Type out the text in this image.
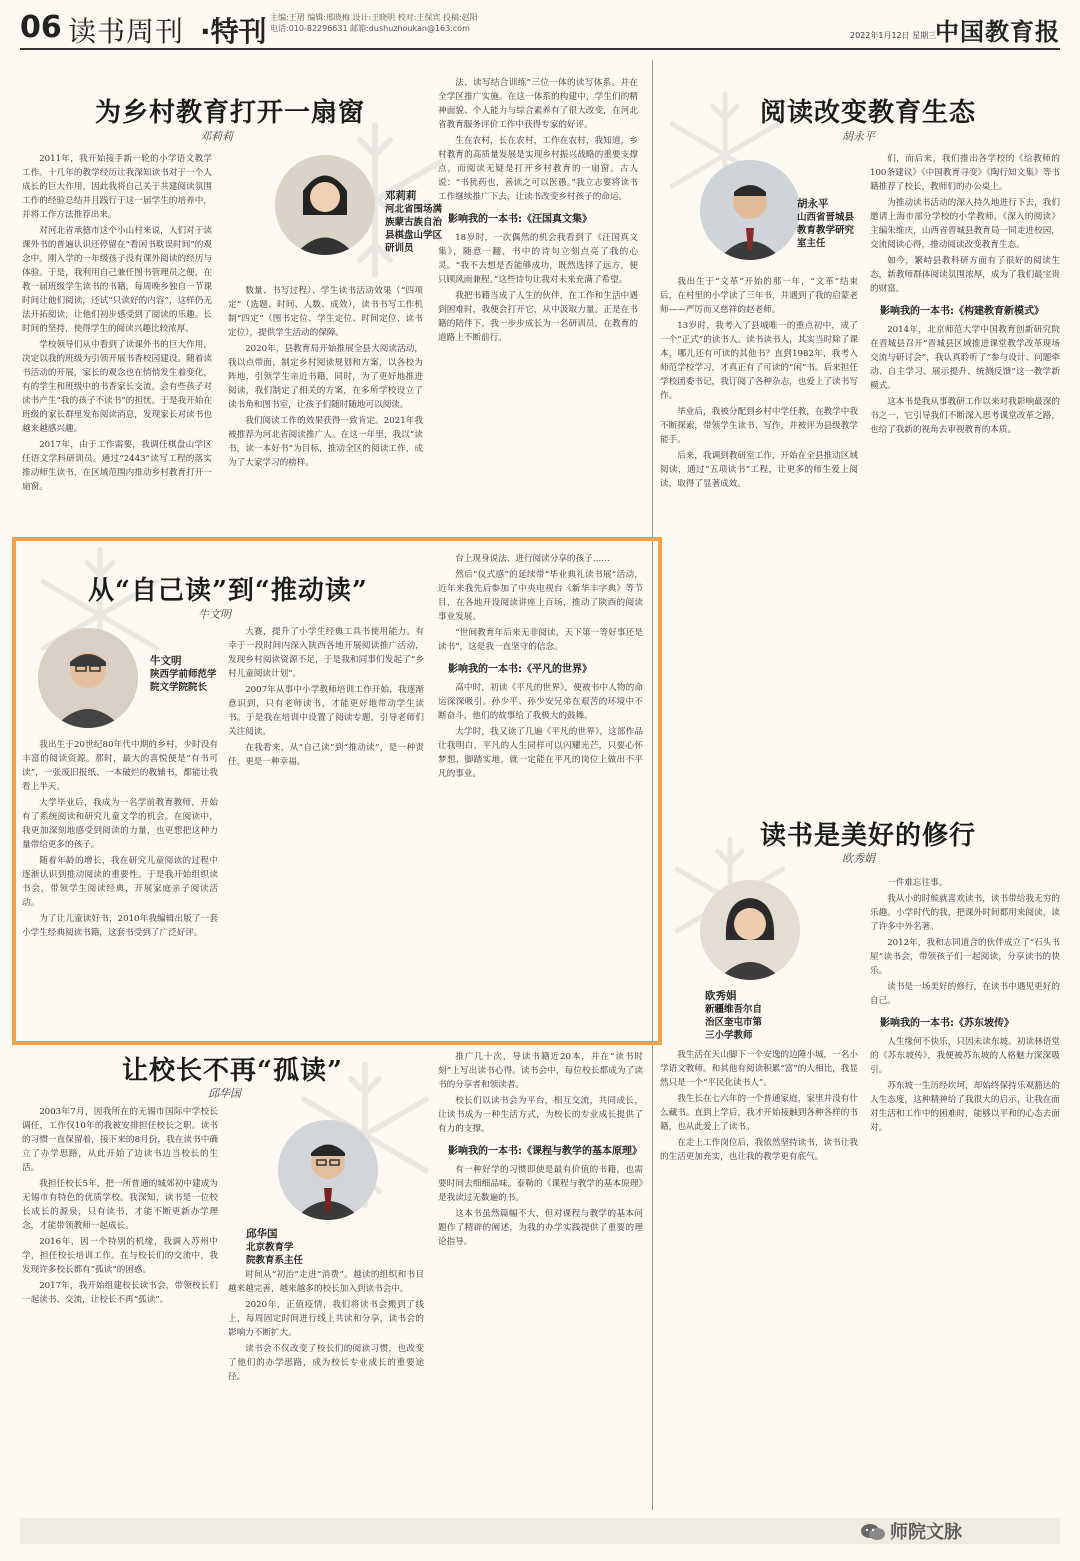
06 读书周刊 ·特刊 主编:王珺 编辑:邢晓梅 设计:王晓明 校对:王保宾 投稿:赵阳
电话:010-82296631 邮箱:dushuzhoukan@163.com
2022年1月12日 星期三
中国教育报
为乡村教育打开一扇窗
邓莉莉
邓莉莉
河北省围场满
族蒙古族自治
县棋盘山学区
研训员

2011年，我开始接手新一轮的小学语文教学工作。十几年的教学经历让我深知读书对于一个人成长的巨大作用，因此我将自己关于共建阅读氛围工作的经验总结并且践行于这一届学生的培养中，并将工作方法推荐出来。

对河北省承德市这个小山村来说，人们对于读课外书的普遍认识还停留在“看闲书耽误时间”的观念中。刚入学的一年级孩子没有课外阅读的经历与体验。于是，我利用自己兼任图书管理员之便，在教一届班级学生读书的书籍，每周晚乡独自一节课时间让他们阅读，还试“只读好的内容”，这样仍无法开拓阅读，让他们初步感受到了阅读的乐趣。长时间的坚持，使得学生的阅读兴趣比较浓厚。

学校领导们从中看到了读课外书的巨大作用，决定以我的班级为引领开展书香校园建设。随着读书活动的开展，家长的观念也在悄悄发生着变化，有的学生和班级中的书香家长交流。会有些孩子对读书产生“我的孩子不读书”的担忧。于是我开始在班级的家长群里发布阅读消息，发现家长对读书也越来越感兴趣。

2017年，由于工作需要，我调任棋盘山学区任语文学科研训员。通过“2443”读写工程的落实推动师生读书，在区域范围内推动乡村教育打开一扇窗。

数量、书写过程）、学生读书活动效果（“四项定”（选题、时间、人数、成效），读书书写工作机制“四定”（图书定位、学生定位、时间定位、读书定位），提供学生活动的保障。

2020年，县教育局开始推展全县大阅读活动，我以点带面，制定乡村阅读规划和方案，以各校为阵地，引领学生亲近书籍，同时，为了更好地推进阅读，我们制定了相关的方案，在多所学校设立了读书角和图书室，让孩子们随时随地可以阅读。

我们阅读工作的效果获得一致肯定。2021年我被推荐为河北省阅读推广人。在这一年里，我以“读书，读一本好书”为目标，推动全区的阅读工作，成为了大家学习的榜样。

法、读写结合训练”三位一体的读写体系。并在全学区推广实施。在这一体系的构建中，学生们的精神面貌、个人能力与综合素养有了很大改变，在河北省教育服务评价工作中获得专家的好评。

生在农村，长在农村，工作在农村，我知道，乡村教育的高质量发展是实现乡村振兴战略的重要支撑点，而阅读无疑是打开乡村教育的一扇窗。古人说：“书犹药也，善读之可以医愚。”我立志要将读书工作继续推广下去，让读书改变乡村孩子的命运。

影响我的一本书:《汪国真文集》

18岁时，一次偶然的机会我看到了《汪国真文集》，随意一翻，书中的诗句立刻点亮了我的心灵。“我不去想是否能够成功，既然选择了远方，便只顾风雨兼程。”这些诗句让我对未来充满了希望。

我把书籍当成了人生的伙伴，在工作和生活中遇到困难时，我便会打开它，从中汲取力量。正是在书籍的陪伴下，我一步步成长为一名研训员，在教育的道路上不断前行。

阅读改变教育生态
胡永平
胡永平
山西省晋城县
教育教学研究
室主任

我出生于“文革”开始的那一年，“文革”结束后，在村里的小学读了三年书，并遇到了我的启蒙老师——严厉而又慈祥的赵老师。

13岁时，我考入了县城唯一的重点初中，成了一个“正式”的读书人。读书读书人，其实当时除了课本，哪儿还有可读的其他书？直到1982年，我考入师范学校学习，才真正有了可读的“闲”书。后来担任学校团委书记，我订阅了各种杂志，也爱上了读书写作。

毕业后，我被分配到乡村中学任教，在教学中我不断探索，带领学生读书、写作，并被评为县级教学能手。

后来，我调到教研室工作，开始在全县推动区域阅读，通过“五项读书”工程，让更多的师生爱上阅读，取得了显著成效。

们，而后来，我们推出各学校的《给教师的100条建议》《中国教育寻变》《陶行知文集》等书籍推荐了校长，教师们的办公桌上。

为推动读书活动的深入持久地进行下去，我们邀请上海市部分学校的小学教师，《深入的阅读》主编朱维庆，山西省晋城县教育局一同走进校园，交流阅读心得，推动阅读改变教育生态。

如今，繁峙县教科研方面有了很好的阅读生态，新教师群体阅读氛围浓厚，成为了我们最宝贵的财富。

影响我的一本书:《构建教育新模式》

2014年，北京师范大学中国教育创新研究院在晋城县召开“晋城县区域推进课堂教学改革现场交流与研讨会”，我认真聆听了“参与设计、问题牵动、自主学习、展示提升、统测反馈”这一教学新模式。

这本书是我从事教研工作以来对我影响最深的书之一，它引导我们不断深入思考课堂改革之路，也给了我新的视角去审视教育的本质。

从“自己读”到“推动读”
牛文明
牛文明
陕西学前师范学
院文学院院长

我出生于20世纪80年代中期的乡村，少时没有丰富的阅读资源。那时，最大的喜悦便是“有书可读”，一张废旧报纸、一本破烂的教辅书，都能让我看上半天。

大学毕业后，我成为一名学前教育教师，开始有了系统阅读和研究儿童文学的机会。在阅读中，我更加深刻地感受到阅读的力量，也更想把这种力量带给更多的孩子。

随着年龄的增长，我在研究儿童阅读的过程中逐渐认识到推动阅读的重要性。于是我开始组织读书会，带领学生阅读经典，开展家庭亲子阅读活动。

为了让儿童读好书，2010年我编辑出版了一套小学生经典阅读书籍，这套书受到了广泛好评。

大赛，提升了小学生经典工具书使用能力。有幸于一段时间内深入陕西各地开展阅读推广活动，发现乡村阅读资源不足，于是我和同事们发起了“乡村儿童阅读计划”。

2007年从事中小学教师培训工作开始，我逐渐意识到，只有老师读书，才能更好地带动学生读书。于是我在培训中设置了阅读专题，引导老师们关注阅读。

在我看来，从“自己读”到“推动读”，是一种责任，更是一种幸福。

台上现身说法、进行阅读分享的孩子……

然后“仪式感”的延续带“毕业典礼读书展”活动，近年来我先后参加了中央电视台《新华丰字典》等节目，在各地开设阅读讲座上百场，推动了陕西的阅读事业发展。

“世间教育年后来无非阅读，天下第一等好事还是读书”，这是我一直坚守的信念。

影响我的一本书:《平凡的世界》

高中时，初读《平凡的世界》，便被书中人物的命运深深吸引。孙少平、孙少安兄弟在艰苦的环境中不断奋斗，他们的故事给了我极大的鼓舞。

大学时，我又读了几遍《平凡的世界》，这部作品让我明白，平凡的人生同样可以闪耀光芒，只要心怀梦想，脚踏实地，就一定能在平凡的岗位上做出不平凡的事业。

读书是美好的修行
欧秀娟
欧秀娟
新疆维吾尔自
治区奎屯市第
三小学教师

我生活在天山脚下一个安逸的边陲小城，一名小学语文教师。和其他有阅读积累“富”的人相比，我显然只是一个“平民化读书人”。

我生长在七六年的一个普通家庭，家里并没有什么藏书。直到上学后，我才开始接触到各种各样的书籍，也从此爱上了读书。

在走上工作岗位后，我依然坚持读书，读书让我的生活更加充实，也让我的教学更有底气。

一件难忘往事。

我从小的时候就喜欢读书，读书带给我无穷的乐趣。小学时代的我，把课外时间都用来阅读，读了许多中外名著。

2012年，我和志同道合的伙伴成立了“石头书屋”读书会，带领孩子们一起阅读，分享读书的快乐。

读书是一场美好的修行，在读书中遇见更好的自己。

影响我的一本书:《苏东坡传》

人生缘何不快乐，只因未读东坡。初读林语堂的《苏东坡传》，我便被苏东坡的人格魅力深深吸引。

苏东坡一生历经坎坷，却始终保持乐观豁达的人生态度，这种精神给了我很大的启示，让我在面对生活和工作中的困难时，能够以平和的心态去面对。

让校长不再“孤读”
邱华国
邱华国
北京教育学
院教育系主任

2003年7月，因我所在的无锡市国际中学校长调任，工作仅10年的我被安排担任校长之职。读书的习惯一直保留着，接下来的8月份，我在读书中确立了办学思路，从此开始了边读书边当校长的生活。

我担任校长5年，把一所普通的城郊初中建成为无锡市有特色的优质学校。我深知，读书是一位校长成长的源泉，只有读书，才能不断更新办学理念，才能带领教师一起成长。

2016年，因一个特别的机缘，我调入苏州中学，担任校长培训工作。在与校长们的交流中，我发现许多校长都有“孤读”的困惑。

2017年，我开始组建校长读书会，带领校长们一起读书、交流，让校长不再“孤读”。

时间从“初治”走进“消费”。越读的组织和书目越来越完善，越来越多的校长加入到读书会中。

2020年，正值疫情，我们将读书会搬到了线上，每周固定时间进行线上共读和分享，读书会的影响力不断扩大。

读书会不仅改变了校长们的阅读习惯，也改变了他们的办学思路，成为校长专业成长的重要途径。

推广几十次，导读书籍近20本，并在“读书时刻”上写出读书心得。读书会中，每位校长都成为了读书的分享者和领读者。

校长们以读书会为平台，相互交流，共同成长，让读书成为一种生活方式，为校长的专业成长提供了有力的支撑。

影响我的一本书:《课程与教学的基本原理》

有一种好学的习惯即使是最有价值的书籍，也需要时间去细细品味。泰勒的《课程与教学的基本原理》是我读过无数遍的书。

这本书虽然篇幅不大，但对课程与教学的基本问题作了精辟的阐述，为我的办学实践提供了重要的理论指导。

师院文脉
